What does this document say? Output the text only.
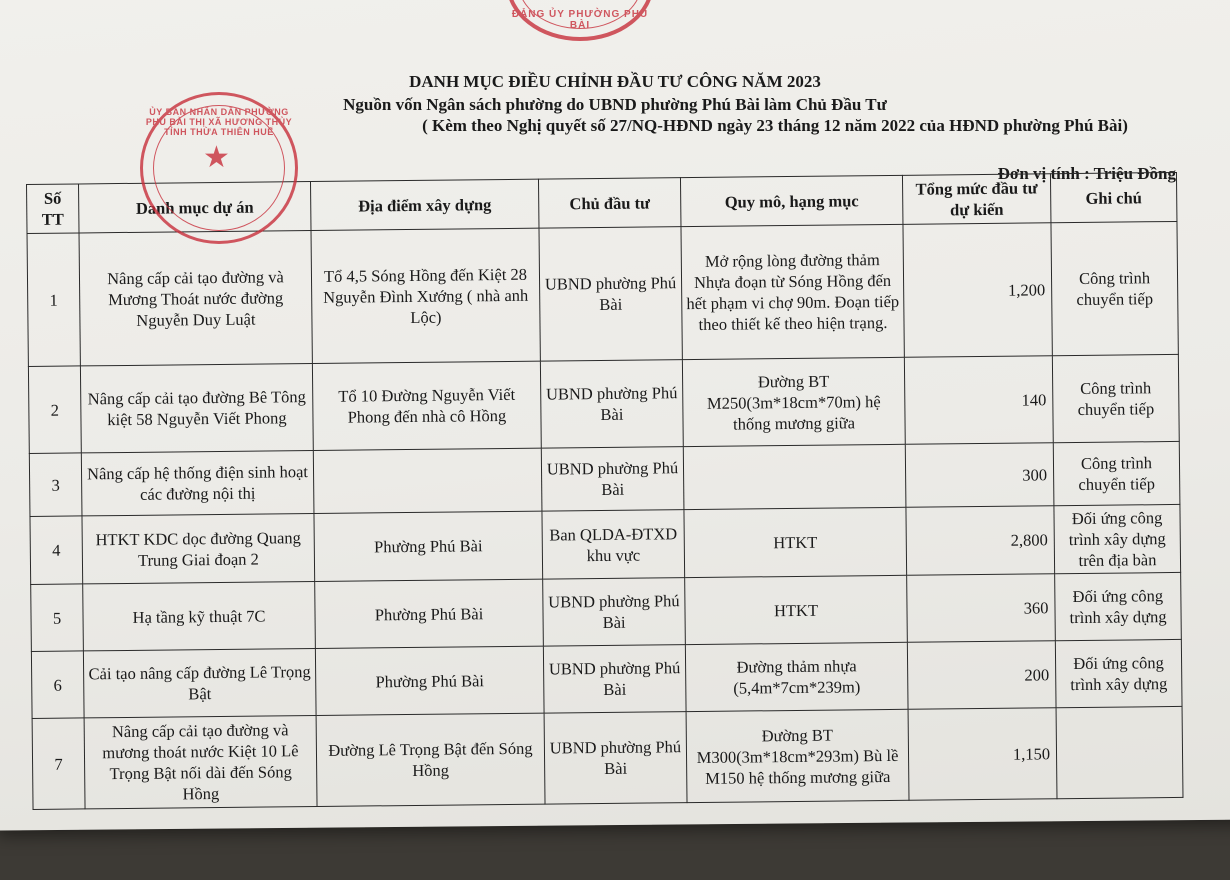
ĐẢNG ỦY PHƯỜNG PHÚ BÀI
DANH MỤC ĐIỀU CHỈNH ĐẦU TƯ CÔNG NĂM 2023
Nguồn vốn Ngân sách phường do UBND phường Phú Bài làm Chủ Đầu Tư
( Kèm theo Nghị quyết số 27/NQ-HĐND ngày 23 tháng 12 năm 2022 của HĐND phường Phú Bài)
Đơn vị tính : Triệu Đồng
Số TT	Danh mục dự án	Địa điểm xây dựng	Chủ đầu tư	Quy mô, hạng mục	Tổng mức đầu tư dự kiến	Ghi chú
1	Nâng cấp cải tạo đường và Mương Thoát nước đường Nguyễn Duy Luật	Tổ 4,5 Sóng Hồng đến Kiệt 28 Nguyễn Đình Xướng ( nhà anh Lộc)	UBND phường Phú Bài	Mở rộng lòng đường thảm Nhựa đoạn từ Sóng Hồng đến hết phạm vi chợ 90m. Đoạn tiếp theo thiết kế theo hiện trạng.	1,200	Công trình chuyển tiếp
2	Nâng cấp cải tạo đường Bê Tông kiệt 58 Nguyễn Viết Phong	Tổ 10 Đường Nguyễn Viết Phong đến nhà cô Hồng	UBND phường Phú Bài	Đường BT M250(3m*18cm*70m) hệ thống mương giữa	140	Công trình chuyển tiếp
3	Nâng cấp hệ thống điện sinh hoạt các đường nội thị		UBND phường Phú Bài		300	Công trình chuyển tiếp
4	HTKT KDC dọc đường Quang Trung Giai đoạn 2	Phường Phú Bài	Ban QLDA-ĐTXD khu vực	HTKT	2,800	Đối ứng công trình xây dựng trên địa bàn
5	Hạ tầng kỹ thuật 7C	Phường Phú Bài	UBND phường Phú Bài	HTKT	360	Đối ứng công trình xây dựng
6	Cải tạo nâng cấp đường Lê Trọng Bật	Phường Phú Bài	UBND phường Phú Bài	Đường thảm nhựa (5,4m*7cm*239m)	200	Đối ứng công trình xây dựng
7	Nâng cấp cải tạo đường và mương thoát nước Kiệt 10 Lê Trọng Bật nối dài đến Sóng Hồng	Đường Lê Trọng Bật đến Sóng Hồng	UBND phường Phú Bài	Đường BT M300(3m*18cm*293m) Bù lề M150 hệ thống mương giữa	1,150	
ỦY BAN NHÂN DÂN PHƯỜNG PHÚ BÀI THỊ XÃ HƯƠNG THỦY TỈNH THỪA THIÊN HUẾ
★
